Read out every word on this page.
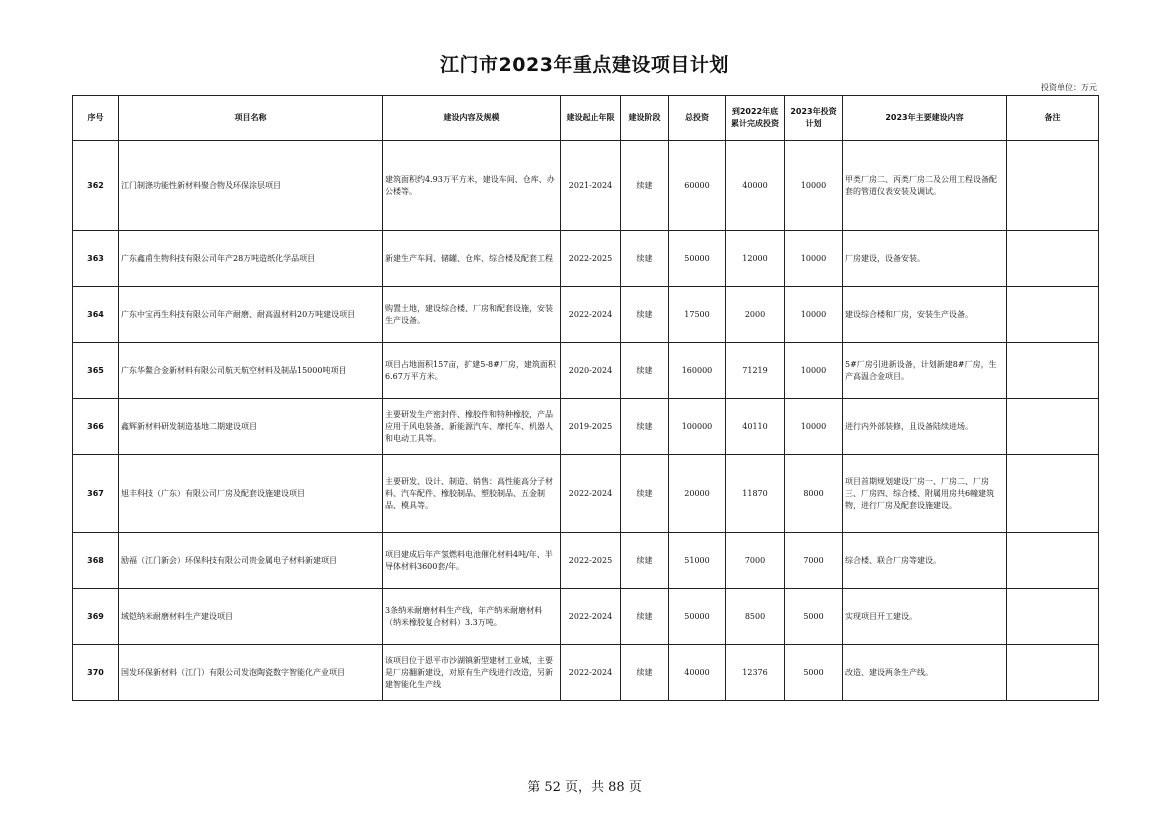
江门市2023年重点建设项目计划
投资单位：万元
序号	项目名称	建设内容及规模	建设起止年限	建设阶段	总投资	到2022年底累计完成投资	2023年投资计划	2023年主要建设内容	备注
362	江门制涤功能性新材料聚合物及环保涂层项目	建筑面积约4.93万平方米，建设车间、仓库、办公楼等。	2021-2024	续建	60000	40000	10000	甲类厂房二、丙类厂房二及公用工程设备配套的管道仪表安装及调试。	
363	广东鑫甫生物科技有限公司年产28万吨造纸化学品项目	新建生产车间、储罐、仓库、综合楼及配套工程	2022-2025	续建	50000	12000	10000	厂房建设，设备安装。	
364	广东中宝再生科技有限公司年产耐磨、耐高温材料20万吨建设项目	购置土地，建设综合楼、厂房和配套设施，安装生产设备。	2022-2024	续建	17500	2000	10000	建设综合楼和厂房，安装生产设备。	
365	广东华鳌合金新材料有限公司航天航空材料及制品15000吨项目	项目占地面积157亩，扩建5-8#厂房，建筑面积6.67万平方米。	2020-2024	续建	160000	71219	10000	5#厂房引进新设备，计划新建8#厂房，生产高温合金项目。	
366	鑫辉新材料研发制造基地二期建设项目	主要研发生产密封件、橡胶件和特种橡胶，产品应用于风电装备、新能源汽车、摩托车、机器人和电动工具等。	2019-2025	续建	100000	40110	10000	进行内外部装修，且设备陆续进场。	
367	旭丰科技（广东）有限公司厂房及配套设施建设项目	主要研发、设计、制造、销售：高性能高分子材料、汽车配件、橡胶制品、塑胶制品、五金制品、模具等。	2022-2024	续建	20000	11870	8000	项目首期规划建设厂房一、厂房二、厂房三、厂房四、综合楼、附属用房共6幢建筑物，进行厂房及配套设施建设。	
368	励福（江门新会）环保科技有限公司贵金属电子材料新建项目	项目建成后年产氢燃料电池催化材料4吨/年、半导体材料3600套/年。	2022-2025	续建	51000	7000	7000	综合楼、联合厂房等建设。	
369	域铠纳米耐磨材料生产建设项目	3条纳米耐磨材料生产线，年产纳米耐磨材料（纳米橡胶复合材料）3.3万吨。	2022-2024	续建	50000	8500	5000	实现项目开工建设。	
370	国发环保新材料（江门）有限公司发泡陶瓷数字智能化产业项目	该项目位于恩平市沙湖镇新型建材工业城，主要是厂房翻新建设，对原有生产线进行改造，另新建智能化生产线	2022-2024	续建	40000	12376	5000	改造、建设两条生产线。	
第 52 页，共 88 页
